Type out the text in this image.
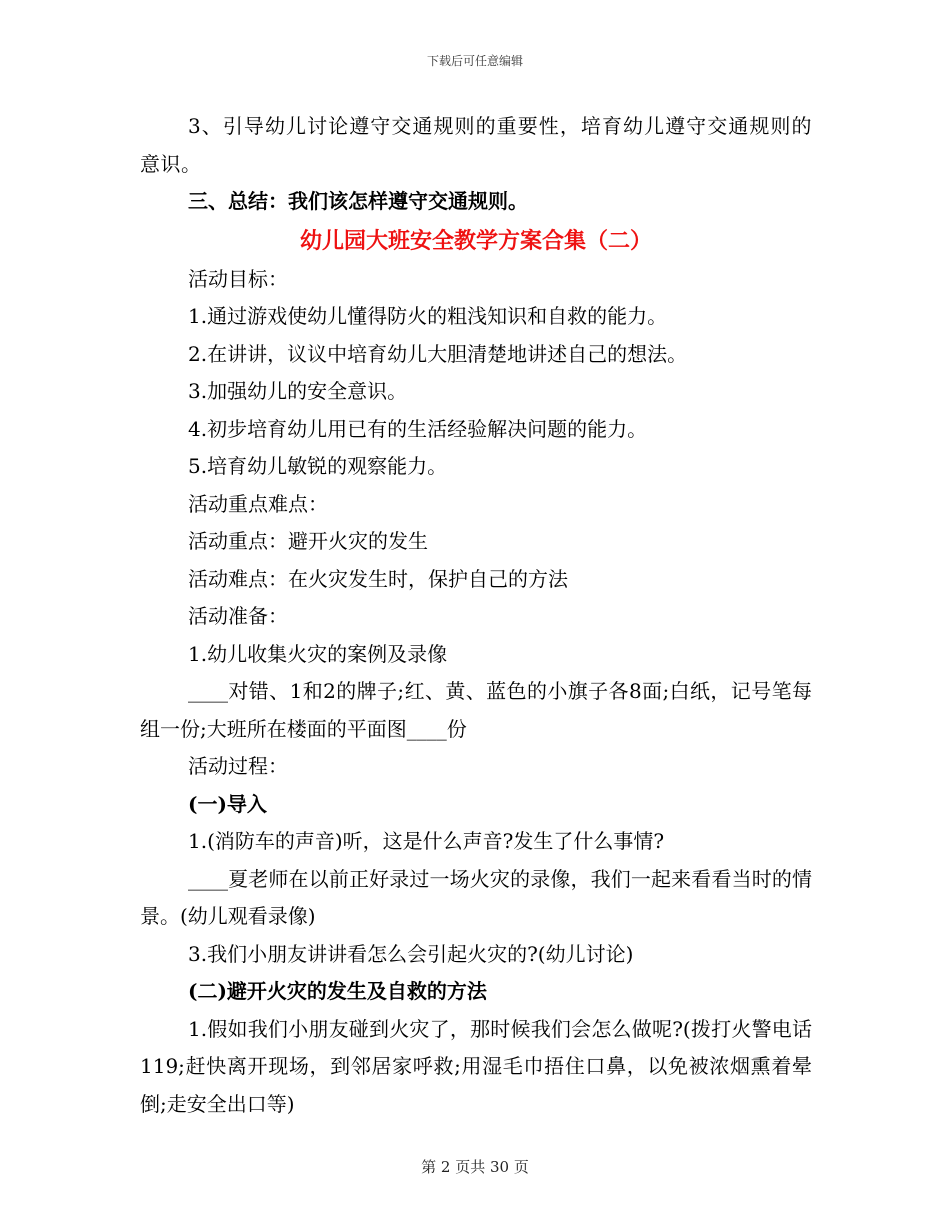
下载后可任意编辑

3、引导幼儿讨论遵守交通规则的重要性，培育幼儿遵守交通规则的意识。

三、总结：我们该怎样遵守交通规则。

幼儿园大班安全教学方案合集（二）

活动目标：

1.通过游戏使幼儿懂得防火的粗浅知识和自救的能力。

2.在讲讲，议议中培育幼儿大胆清楚地讲述自己的想法。

3.加强幼儿的安全意识。

4.初步培育幼儿用已有的生活经验解决问题的能力。

5.培育幼儿敏锐的观察能力。

活动重点难点：

活动重点：避开火灾的发生

活动难点：在火灾发生时，保护自己的方法

活动准备：

1.幼儿收集火灾的案例及录像

____对错、1和2的牌子;红、黄、蓝色的小旗子各8面;白纸，记号笔每组一份;大班所在楼面的平面图____份

活动过程：

(一)导入

1.(消防车的声音)听，这是什么声音?发生了什么事情?

____夏老师在以前正好录过一场火灾的录像，我们一起来看看当时的情景。(幼儿观看录像)

3.我们小朋友讲讲看怎么会引起火灾的?(幼儿讨论)

(二)避开火灾的发生及自救的方法

1.假如我们小朋友碰到火灾了，那时候我们会怎么做呢?(拨打火警电话119;赶快离开现场，到邻居家呼救;用湿毛巾捂住口鼻，以免被浓烟熏着晕倒;走安全出口等)

第 2 页共 30 页
